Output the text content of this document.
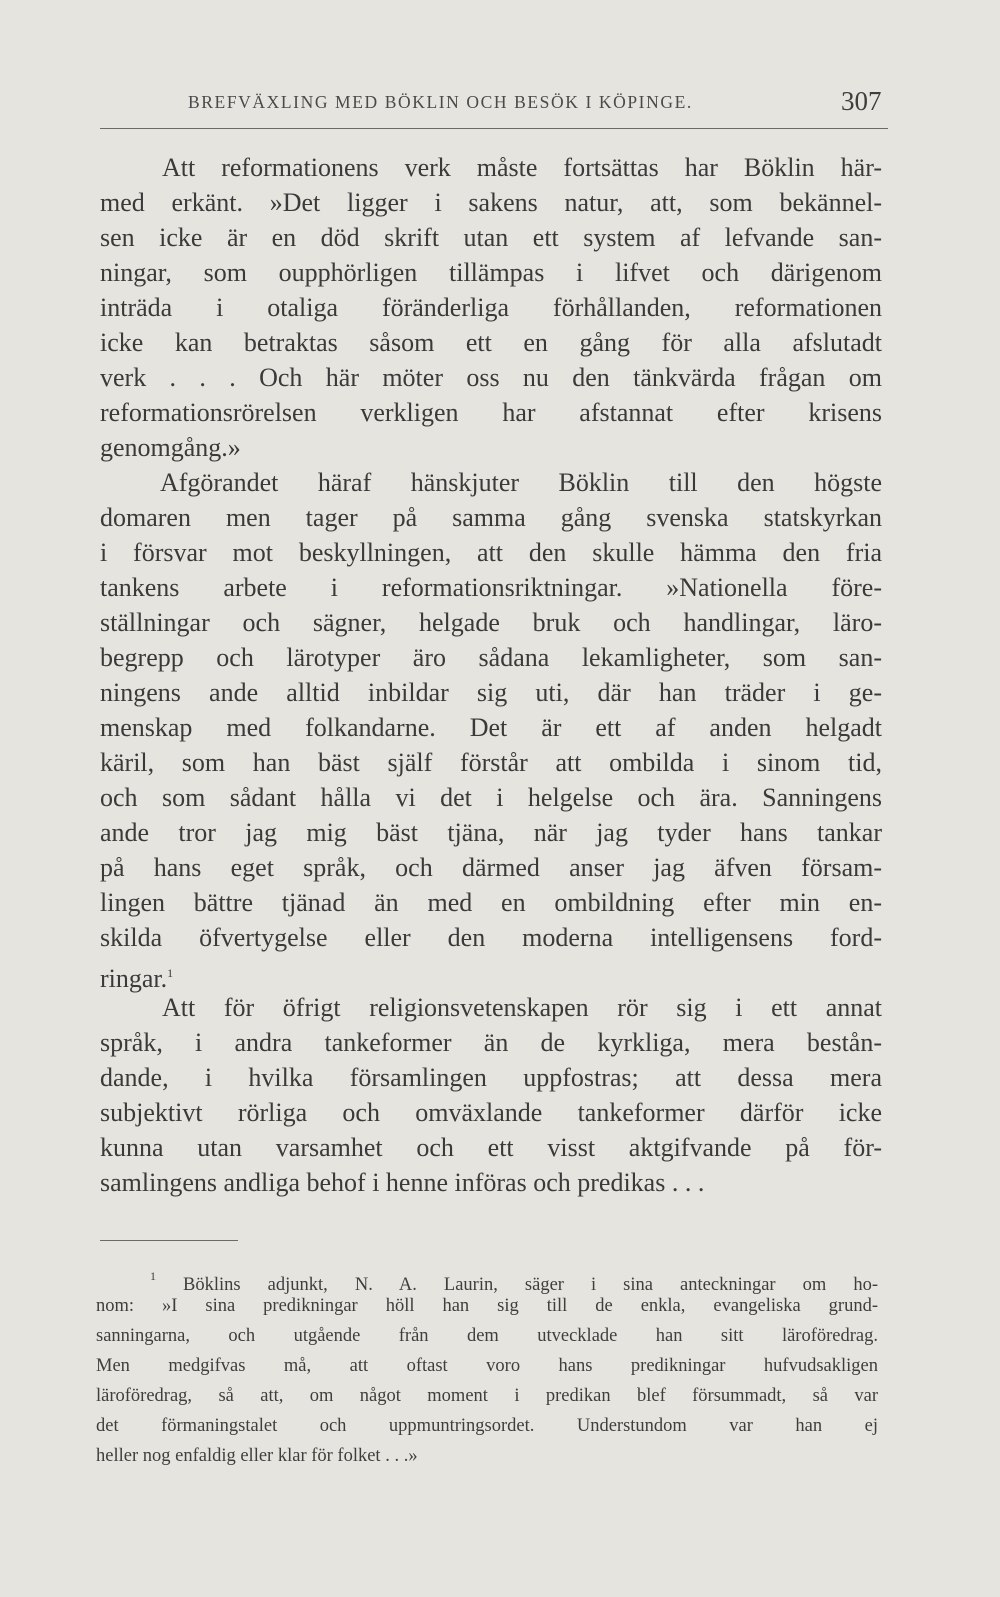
BREFVÄXLING MED BÖKLIN OCH BESÖK I KÖPINGE.	307
Att reformationens verk måste fortsättas har Böklin här-
med erkänt. »Det ligger i sakens natur, att, som bekännel-
sen icke är en död skrift utan ett system af lefvande san-
ningar, som oupphörligen tillämpas i lifvet och därigenom
inträda i otaliga föränderliga förhållanden, reformationen
icke kan betraktas såsom ett en gång för alla afslutadt
verk . . . Och här möter oss nu den tänkvärda frågan om
reformationsrörelsen verkligen har afstannat efter krisens
genomgång.»
Afgörandet häraf hänskjuter Böklin till den högste
domaren men tager på samma gång svenska statskyrkan
i försvar mot beskyllningen, att den skulle hämma den fria
tankens arbete i reformationsriktningar. »Nationella före-
ställningar och sägner, helgade bruk och handlingar, läro-
begrepp och lärotyper äro sådana lekamligheter, som san-
ningens ande alltid inbildar sig uti, där han träder i ge-
menskap med folkandarne. Det är ett af anden helgadt
käril, som han bäst själf förstår att ombilda i sinom tid,
och som sådant hålla vi det i helgelse och ära. Sanningens
ande tror jag mig bäst tjäna, när jag tyder hans tankar
på hans eget språk, och därmed anser jag äfven försam-
lingen bättre tjänad än med en ombildning efter min en-
skilda öfvertygelse eller den moderna intelligensens ford-
ringar.$^1$
Att för öfrigt religionsvetenskapen rör sig i ett annat
språk, i andra tankeformer än de kyrkliga, mera bestån-
dande, i hvilka församlingen uppfostras; att dessa mera
subjektivt rörliga och omväxlande tankeformer därför icke
kunna utan varsamhet och ett visst aktgifvande på för-
samlingens andliga behof i henne införas och predikas . . .
$^1$ Böklins adjunkt, N. A. Laurin, säger i sina anteckningar om ho-
nom: »I sina predikningar höll han sig till de enkla, evangeliska grund-
sanningarna, och utgående från dem utvecklade han sitt läroföredrag.
Men medgifvas må, att oftast voro hans predikningar hufvudsakligen
läroföredrag, så att, om något moment i predikan blef försummadt, så var
det förmaningstalet och uppmuntringsordet. Understundom var han ej
heller nog enfaldig eller klar för folket . . .»
